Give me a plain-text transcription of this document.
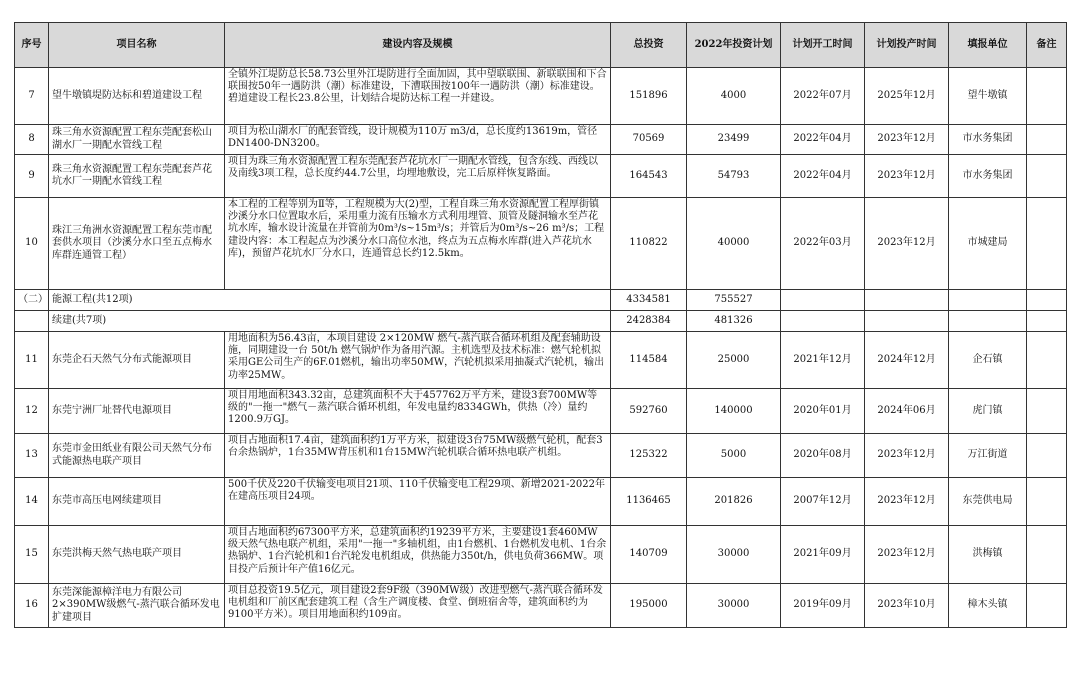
序号	项目名称	建设内容及规模	总投资	2022年投资计划	计划开工时间	计划投产时间	填报单位	备注
7	望牛墩镇堤防达标和碧道建设工程	全镇外江堤防总长58.73公里外江堤防进行全面加固，其中望联联围、新联联围和下合联围按50年一遇防洪（潮）标准建设，下漕联围按100年一遇防洪（潮）标准建设。碧道建设工程长23.8公里，计划结合堤防达标工程一并建设。	151896	4000	2022年07月	2025年12月	望牛墩镇	
8	珠三角水资源配置工程东莞配套松山湖水厂一期配水管线工程	项目为松山湖水厂的配套管线，设计规模为110万 m3/d，总长度约13619m，管径DN1400-DN3200。	70569	23499	2022年04月	2023年12月	市水务集团	
9	珠三角水资源配置工程东莞配套芦花坑水厂一期配水管线工程	项目为珠三角水资源配置工程东莞配套芦花坑水厂一期配水管线，包含东线、西线以及南线3项工程，总长度约44.7公里，均埋地敷设，完工后原样恢复路面。	164543	54793	2022年04月	2023年12月	市水务集团	
10	珠江三角洲水资源配置工程东莞市配套供水项目（沙溪分水口至五点梅水库群连通管工程）	本工程的工程等别为Ⅱ等，工程规模为大(2)型，工程自珠三角水资源配置工程厚街镇沙溪分水口位置取水后，采用重力流有压输水方式利用埋管、顶管及隧洞输水至芦花坑水库，输水设计流量在并管前为0m³/s~15m³/s；并管后为0m³/s~26 m³/s；工程建设内容：本工程起点为沙溪分水口高位水池，终点为五点梅水库群(进入芦花坑水库)，预留芦花坑水厂分水口，连通管总长约12.5km。	110822	40000	2022年03月	2023年12月	市城建局	
（二）	能源工程(共12项)		4334581	755527				
	续建(共7项)		2428384	481326				
11	东莞企石天然气分布式能源项目	用地面积为56.43亩，本项目建设 2×120MW 燃气-蒸汽联合循环机组及配套辅助设施，同期建设一台 50t/h 燃气锅炉作为备用汽源。主机选型及技术标准：燃气轮机拟采用GE公司生产的6F.01燃机，输出功率50MW，汽轮机拟采用抽凝式汽轮机，输出功率25MW。	114584	25000	2021年12月	2024年12月	企石镇	
12	东莞宁洲厂址替代电源项目	项目用地面积343.32亩，总建筑面积不大于457762万平方米，建设3套700MW等级的"一拖一"燃气－蒸汽联合循环机组，年发电量约8334GWh，供热（冷）量约1200.9万GJ。	592760	140000	2020年01月	2024年06月	虎门镇	
13	东莞市金田纸业有限公司天然气分布式能源热电联产项目	项目占地面积17.4亩，建筑面积约1万平方米，拟建设3台75MW级燃气轮机，配套3台余热锅炉，1台35MW背压机和1台15MW汽轮机联合循环热电联产机组。	125322	5000	2020年08月	2023年12月	万江街道	
14	东莞市高压电网续建项目	500千伏及220千伏输变电项目21项、110千伏输变电工程29项、新增2021-2022年在建高压项目24项。	1136465	201826	2007年12月	2023年12月	东莞供电局	
15	东莞洪梅天然气热电联产项目	项目占地面积约67300平方米，总建筑面积约19239平方米，主要建设1套460MW级天然气热电联产机组，采用"一拖一"多轴机组，由1台燃机、1台燃机发电机、1台余热锅炉、1台汽轮机和1台汽轮发电机组成，供热能力350t/h，供电负荷366MW。项目投产后预计年产值16亿元。	140709	30000	2021年09月	2023年12月	洪梅镇	
16	东莞深能源樟洋电力有限公司2×390MW级燃气-蒸汽联合循环发电扩建项目	项目总投资19.5亿元，项目建设2套9F级（390MW级）改进型燃气-蒸汽联合循环发电机组和厂前区配套建筑工程（含生产调度楼、食堂、倒班宿舍等，建筑面积约为9100平方米）。项目用地面积约109亩。	195000	30000	2019年09月	2023年10月	樟木头镇	
